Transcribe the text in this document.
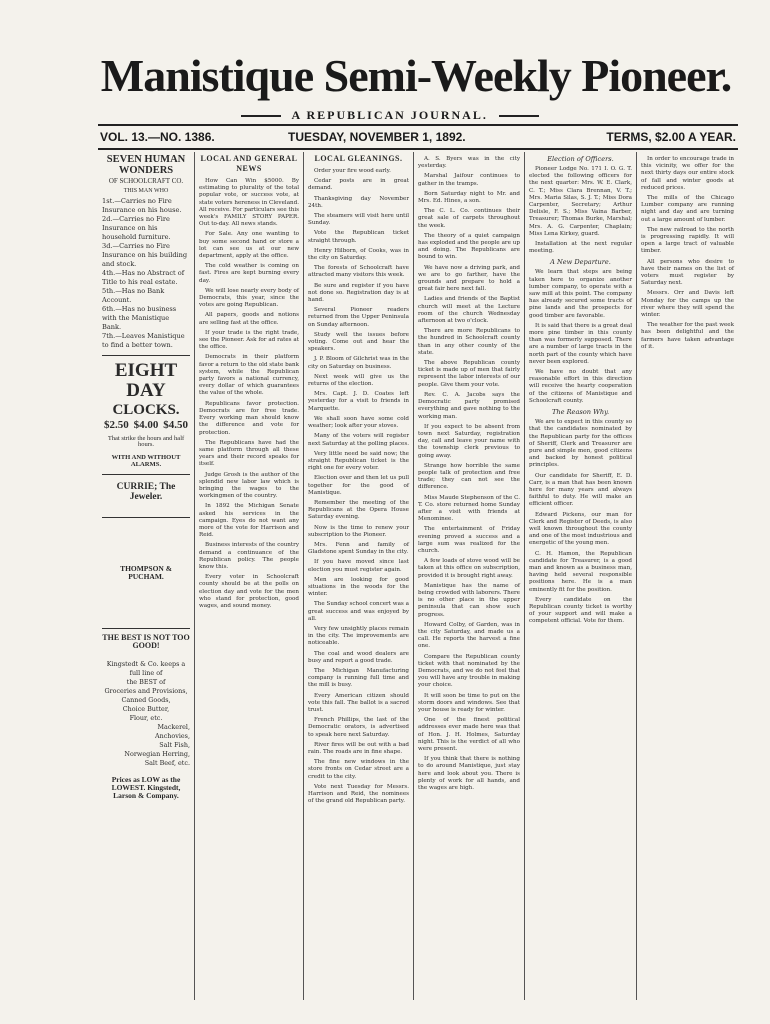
Manistique Semi-Weekly Pioneer.
A REPUBLICAN JOURNAL.
VOL. 13.—NO. 1386.	TUESDAY, NOVEMBER 1, 1892.	TERMS, $2.00 A YEAR.
SEVEN HUMAN WONDERS
OF SCHOOLCRAFT CO.
THIS MAN WHO
1st.—Carries no Fire Insurance on his house.
2d.—Carries no Fire Insurance on his household furniture.
3d.—Carries no Fire Insurance on his building and stock.
4th.—Has no Abstract of Title to his real estate.
5th.—Has no Bank Account.
6th.—Has no business with the Manistique Bank.
7th.—Leaves Manistique to find a better town.
EIGHT DAY
CLOCKS.
$2.50 $4.00 $4.50
That strike the hours and half hours.
WITH AND WITHOUT ALARMS.
CURRIE; The Jeweler.
THOMPSON & PUCHAM.
THE BEST IS NOT TOO GOOD!
Kingstedt & Co. keeps a full line of
the BEST of
Groceries and Provisions,
Canned Goods,
Choice Butter,
Flour, etc.
Mackerel,
Anchovies,
Salt Fish,
Norwegian Herring,
Salt Beef, etc.
Prices as LOW as the LOWEST. Kingstedt, Larson & Company.
LOCAL AND GENERAL NEWS

How Can Win $5000. By estimating to plurality of the total popular vote, or success vote, at state voters hereness in Cleveland. All receive. For particulars see this week's FAMILY STORY PAPER. Out to-day. All news stands.

For Sale. Any one wanting to buy some second hand or store a lot can see us at our new department, apply at the office.

The cold weather is coming on fast. Fires are kept burning every day.

We will lose nearly every body of Democrats, this year, since the votes are going Republican.

All papers, goods and notions are selling fast at the office.

If your trade is the right trade, see the Pioneer. Ask for ad rates at the office.

Democrats in their platform favor a return to the old state bank system, while the Republican party favors a national currency, every dollar of which guarantees the value of the whole.

Republicans favor protection. Democrats are for free trade. Every working man should know the difference and vote for protection.

The Republicans have had the same platform through all these years and their record speaks for itself.

Judge Grosh is the author of the splendid new labor law which is bringing the wages to the workingmen of the country.

In 1892 the Michigan Senate asked his services in the campaign. Eyes do not want any more of the vote for Harrison and Reid.

Business interests of the country demand a continuance of the Republican policy. The people know this.

Every voter in Schoolcraft county should be at the polls on election day and vote for the men who stand for protection, good wages, and sound money.

LOCAL GLEANINGS.

Order your fire wood early.

Cedar posts are in great demand.

Thanksgiving day November 24th.

The steamers will visit here until Sunday.

Vote the Republican ticket straight through.

Henry Hilborn, of Cooks, was in the city on Saturday.

The forests of Schoolcraft have attracted many visitors this week.

Be sure and register if you have not done so. Registration day is at hand.

Several Pioneer readers returned from the Upper Peninsula on Sunday afternoon.

Study well the issues before voting. Come out and hear the speakers.

J. P. Bloom of Gilchrist was in the city on Saturday on business.

Next week will give us the returns of the election.

Mrs. Capt. J. D. Coates left yesterday for a visit to friends in Marquette.

We shall soon have some cold weather; look after your stoves.

Many of the voters will register next Saturday at the polling places.

Very little need be said now; the straight Republican ticket is the right one for every voter.

Election over and then let us pull together for the good of Manistique.

Remember the meeting of the Republicans at the Opera House Saturday evening.

Now is the time to renew your subscription to the Pioneer.

Mrs. Fenn and family of Gladstone spent Sunday in the city.

If you have moved since last election you must register again.

Men are looking for good situations in the woods for the winter.

The Sunday school concert was a great success and was enjoyed by all.

Very few unsightly places remain in the city. The improvements are noticeable.

The coal and wood dealers are busy and report a good trade.

The Michigan Manufacturing company is running full time and the mill is busy.

Every American citizen should vote this fall. The ballot is a sacred trust.

French Phillips, the last of the Democratic orators, is advertised to speak here next Saturday.

River fires will be out with a bad rain. The roads are in fine shape.

The fine new windows in the store fronts on Cedar street are a credit to the city.

Vote next Tuesday for Messrs. Harrison and Reid, the nominees of the grand old Republican party.

A. S. Byers was in the city yesterday.

Marshal Jaifour continues to gather in the tramps.

Born Saturday night to Mr. and Mrs. Ed. Hines, a son.

The C. L. Co. continues their great sale of carpets throughout the week.

The theory of a quiet campaign has exploded and the people are up and doing. The Republicans are bound to win.

We have now a driving park, and we are to go farther, have the grounds and prepare to hold a great fair here next fall.

Ladies and friends of the Baptist church will meet at the Lecture room of the church Wednesday afternoon at two o'clock.

There are more Republicans to the hundred in Schoolcraft county than in any other county of the state.

The above Republican county ticket is made up of men that fairly represent the labor interests of our people. Give them your vote.

Rev. C. A. Jacobs says the Democratic party promised everything and gave nothing to the working man.

If you expect to be absent from town next Saturday, registration day, call and leave your name with the township clerk previous to going away.

Strange how horrible the same people talk of protection and free trade; they can not see the difference.

Miss Maude Stephenson of the C. T. Co. store returned home Sunday after a visit with friends at Menominee.

The entertainment of Friday evening proved a success and a large sum was realized for the church.

A few loads of stove wood will be taken at this office on subscription, provided it is brought right away.

Manistique has the name of being crowded with laborers. There is no other place in the upper peninsula that can show such progress.

Howard Colby, of Garden, was in the city Saturday, and made us a call. He reports the harvest a fine one.

Compare the Republican county ticket with that nominated by the Democrats, and we do not feel that you will have any trouble in making your choice.

It will soon be time to put on the storm doors and windows. See that your house is ready for winter.

One of the finest political addresses ever made here was that of Hon. J. H. Holmes, Saturday night. This is the verdict of all who were present.

If you think that there is nothing to do around Manistique, just stay here and look about you. There is plenty of work for all hands, and the wages are high.

Election of Officers.

Pioneer Lodge No. 171 I. O. G. T. elected the following officers for the next quarter: Mrs. W. E. Clark, C. T.; Miss Clara Brennan, V. T.; Mrs. Maria Silas, S. J. T.; Miss Dora Carpenter, Secretary; Arthur Delisle, F. S.; Miss Vaina Barber, Treasurer; Thomas Burke, Marshal; Mrs. A. G. Carpenter, Chaplain; Miss Lena Kirkey, guard.

Installation at the next regular meeting.

A New Departure.

We learn that steps are being taken here to organize another lumber company, to operate with a saw mill at this point. The company has already secured some tracts of pine lands and the prospects for good timber are favorable.

It is said that there is a great deal more pine timber in this county than was formerly supposed. There are a number of large tracts in the north part of the county which have never been explored.

We have no doubt that any reasonable effort in this direction will receive the hearty cooperation of the citizens of Manistique and Schoolcraft county.

The Reason Why.

We are to expect in this county so that the candidates nominated by the Republican party for the offices of Sheriff, Clerk and Treasurer are pure and simple men, good citizens and backed by honest political principles.

Our candidate for Sheriff, E. D. Carr, is a man that has been known here for many years and always faithful to duty. He will make an efficient officer.

Edward Pickens, our man for Clerk and Register of Deeds, is also well known throughout the county and one of the most industrious and energetic of the young men.

C. H. Hamon, the Republican candidate for Treasurer, is a good man and known as a business man, having held several responsible positions here. He is a man eminently fit for the position.

Every candidate on the Republican county ticket is worthy of your support and will make a competent official. Vote for them.

In order to encourage trade in this vicinity, we offer for the next thirty days our entire stock of fall and winter goods at reduced prices.

The mills of the Chicago Lumber company are running night and day and are turning out a large amount of lumber.

The new railroad to the north is progressing rapidly. It will open a large tract of valuable timber.

All persons who desire to have their names on the list of voters must register by Saturday next.

Messrs. Orr and Davis left Monday for the camps up the river where they will spend the winter.

The weather for the past week has been delightful and the farmers have taken advantage of it.
